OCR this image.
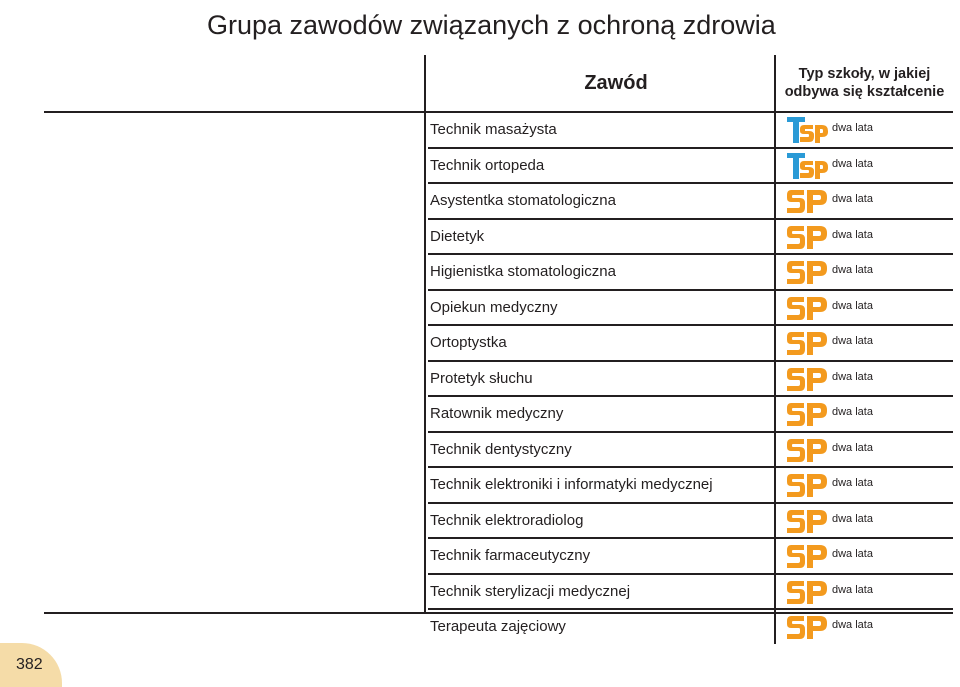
Grupa zawodów związanych z ochroną zdrowia
Zawód	Typ szkoły, w jakiej odbywa się kształcenie
Technik masażysta	dwa lata
Technik ortopeda	dwa lata
Asystentka stomatologiczna	dwa lata
Dietetyk	dwa lata
Higienistka stomatologiczna	dwa lata
Opiekun medyczny	dwa lata
Ortoptystka	dwa lata
Protetyk słuchu	dwa lata
Ratownik medyczny	dwa lata
Technik dentystyczny	dwa lata
Technik elektroniki i informatyki medycznej	dwa lata
Technik elektroradiolog	dwa lata
Technik farmaceutyczny	dwa lata
Technik sterylizacji medycznej	dwa lata
Terapeuta zajęciowy	dwa lata
382
